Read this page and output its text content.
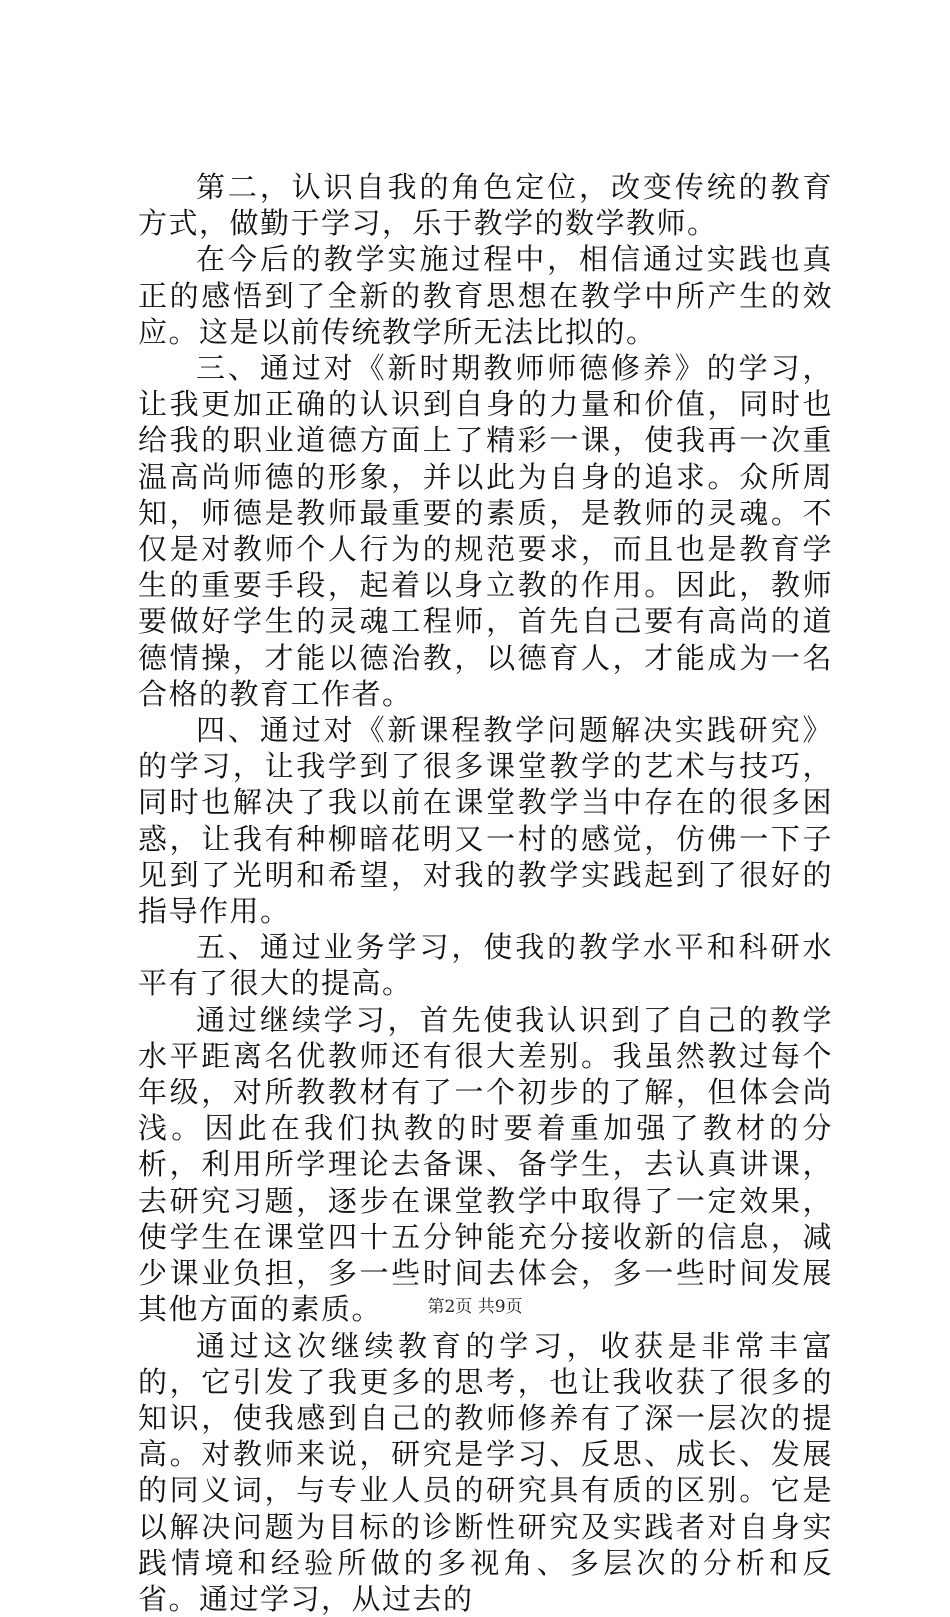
第二，认识自我的角色定位，改变传统的教育方式，做勤于学习，乐于教学的数学教师。

在今后的教学实施过程中，相信通过实践也真正的感悟到了全新的教育思想在教学中所产生的效应。这是以前传统教学所无法比拟的。

三、通过对《新时期教师师德修养》的学习，让我更加正确的认识到自身的力量和价值，同时也给我的职业道德方面上了精彩一课，使我再一次重温高尚师德的形象，并以此为自身的追求。众所周知，师德是教师最重要的素质，是教师的灵魂。不仅是对教师个人行为的规范要求，而且也是教育学生的重要手段，起着以身立教的作用。因此，教师要做好学生的灵魂工程师，首先自己要有高尚的道德情操，才能以德治教，以德育人，才能成为一名合格的教育工作者。

四、通过对《新课程教学问题解决实践研究》的学习，让我学到了很多课堂教学的艺术与技巧，同时也解决了我以前在课堂教学当中存在的很多困惑，让我有种柳暗花明又一村的感觉，仿佛一下子见到了光明和希望，对我的教学实践起到了很好的指导作用。

五、通过业务学习，使我的教学水平和科研水平有了很大的提高。

通过继续学习，首先使我认识到了自己的教学水平距离名优教师还有很大差别。我虽然教过每个年级，对所教教材有了一个初步的了解，但体会尚浅。因此在我们执教的时要着重加强了教材的分析，利用所学理论去备课、备学生，去认真讲课，去研究习题，逐步在课堂教学中取得了一定效果，使学生在课堂四十五分钟能充分接收新的信息，减少课业负担，多一些时间去体会，多一些时间发展其他方面的素质。

通过这次继续教育的学习，收获是非常丰富的，它引发了我更多的思考，也让我收获了很多的知识，使我感到自己的教师修养有了深一层次的提高。对教师来说，研究是学习、反思、成长、发展的同义词，与专业人员的研究具有质的区别。它是以解决问题为目标的诊断性研究及实践者对自身实践情境和经验所做的多视角、多层次的分析和反省。通过学习，从过去的

第2页 共9页
